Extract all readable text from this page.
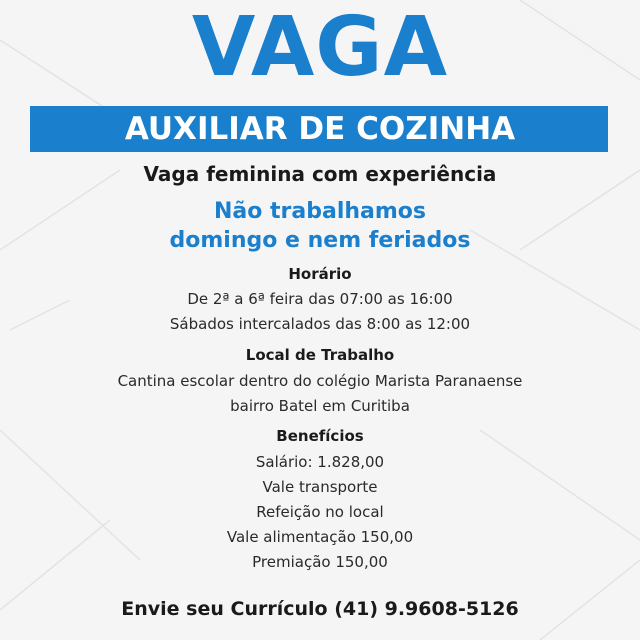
VAGA
AUXILIAR DE COZINHA
Vaga feminina com experiência
Não trabalhamos
domingo e nem feriados
Horário
De 2ª a 6ª feira das 07:00 as 16:00
Sábados intercalados das 8:00 as 12:00
Local de Trabalho
Cantina escolar dentro do colégio Marista Paranaense
bairro Batel em Curitiba
Benefícios
Salário: 1.828,00
Vale transporte
Refeição no local
Vale alimentação 150,00
Premiação 150,00
Envie seu Currículo (41) 9.9608-5126
